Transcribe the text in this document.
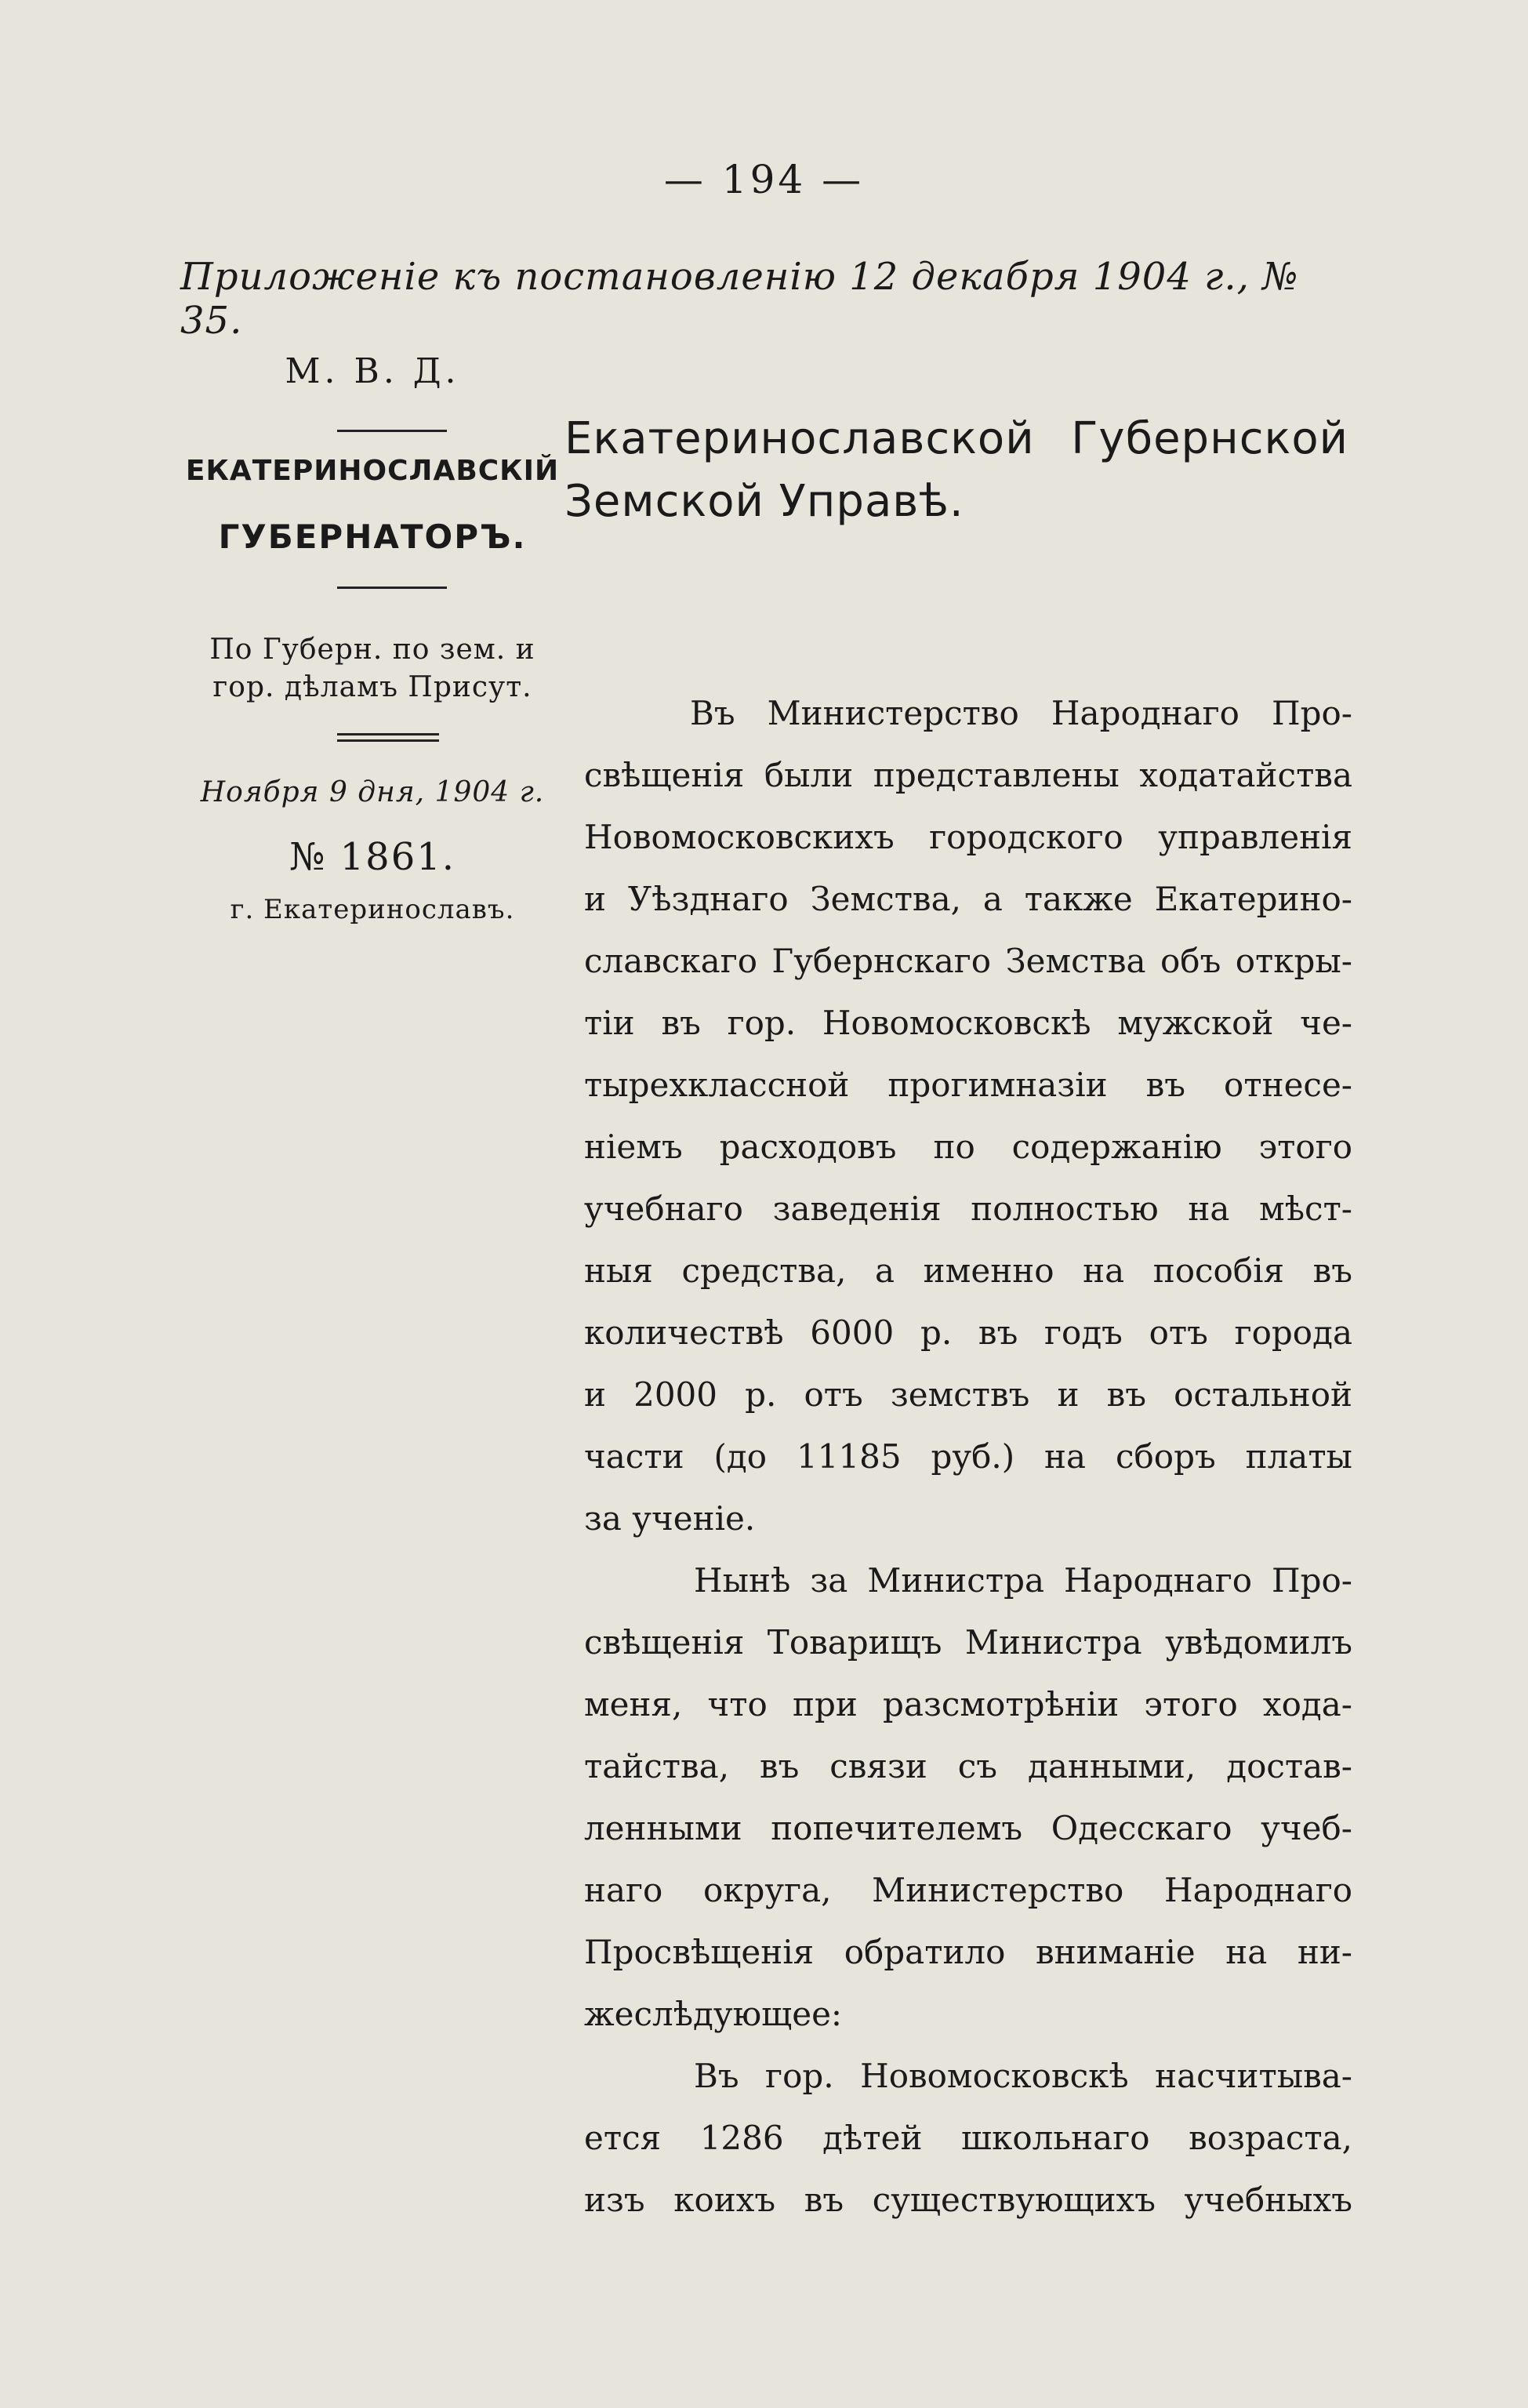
— 194 —
Приложеніе къ постановленію 12 декабря 1904 г., № 35.
М. В. Д.
ЕКАТЕРИНОСЛАВСКІЙ
ГУБЕРНАТОРЪ.
По Губерн. по зем. и
гор. дѣламъ Присут.
Ноября 9 дня, 1904 г.
№ 1861.
г. Екатеринославъ.
Екатеринославской Губернской Земской Управѣ.

Въ Министерство Народнаго Про-
свѣщенія были представлены ходатайства
Новомосковскихъ городского управленія
и Уѣзднаго Земства, а также Екатерино-
славскаго Губернскаго Земства объ откры-
тіи въ гор. Новомосковскѣ мужской че-
тырехклассной прогимназіи въ отнесе-
ніемъ расходовъ по содержанію этого
учебнаго заведенія полностью на мѣст-
ныя средства, а именно на пособія въ
количествѣ 6000 р. въ годъ отъ города
и 2000 р. отъ земствъ и въ остальной
части (до 11185 руб.) на сборъ платы
за ученіе.

Нынѣ за Министра Народнаго Про-
свѣщенія Товарищъ Министра увѣдомилъ
меня, что при разсмотрѣніи этого хода-
тайства, въ связи съ данными, достав-
ленными попечителемъ Одесскаго учеб-
наго округа, Министерство Народнаго
Просвѣщенія обратило вниманіе на ни-
жеслѣдующее:

Въ гор. Новомосковскѣ насчитыва-
ется 1286 дѣтей школьнаго возраста,
изъ коихъ въ существующихъ учебныхъ
